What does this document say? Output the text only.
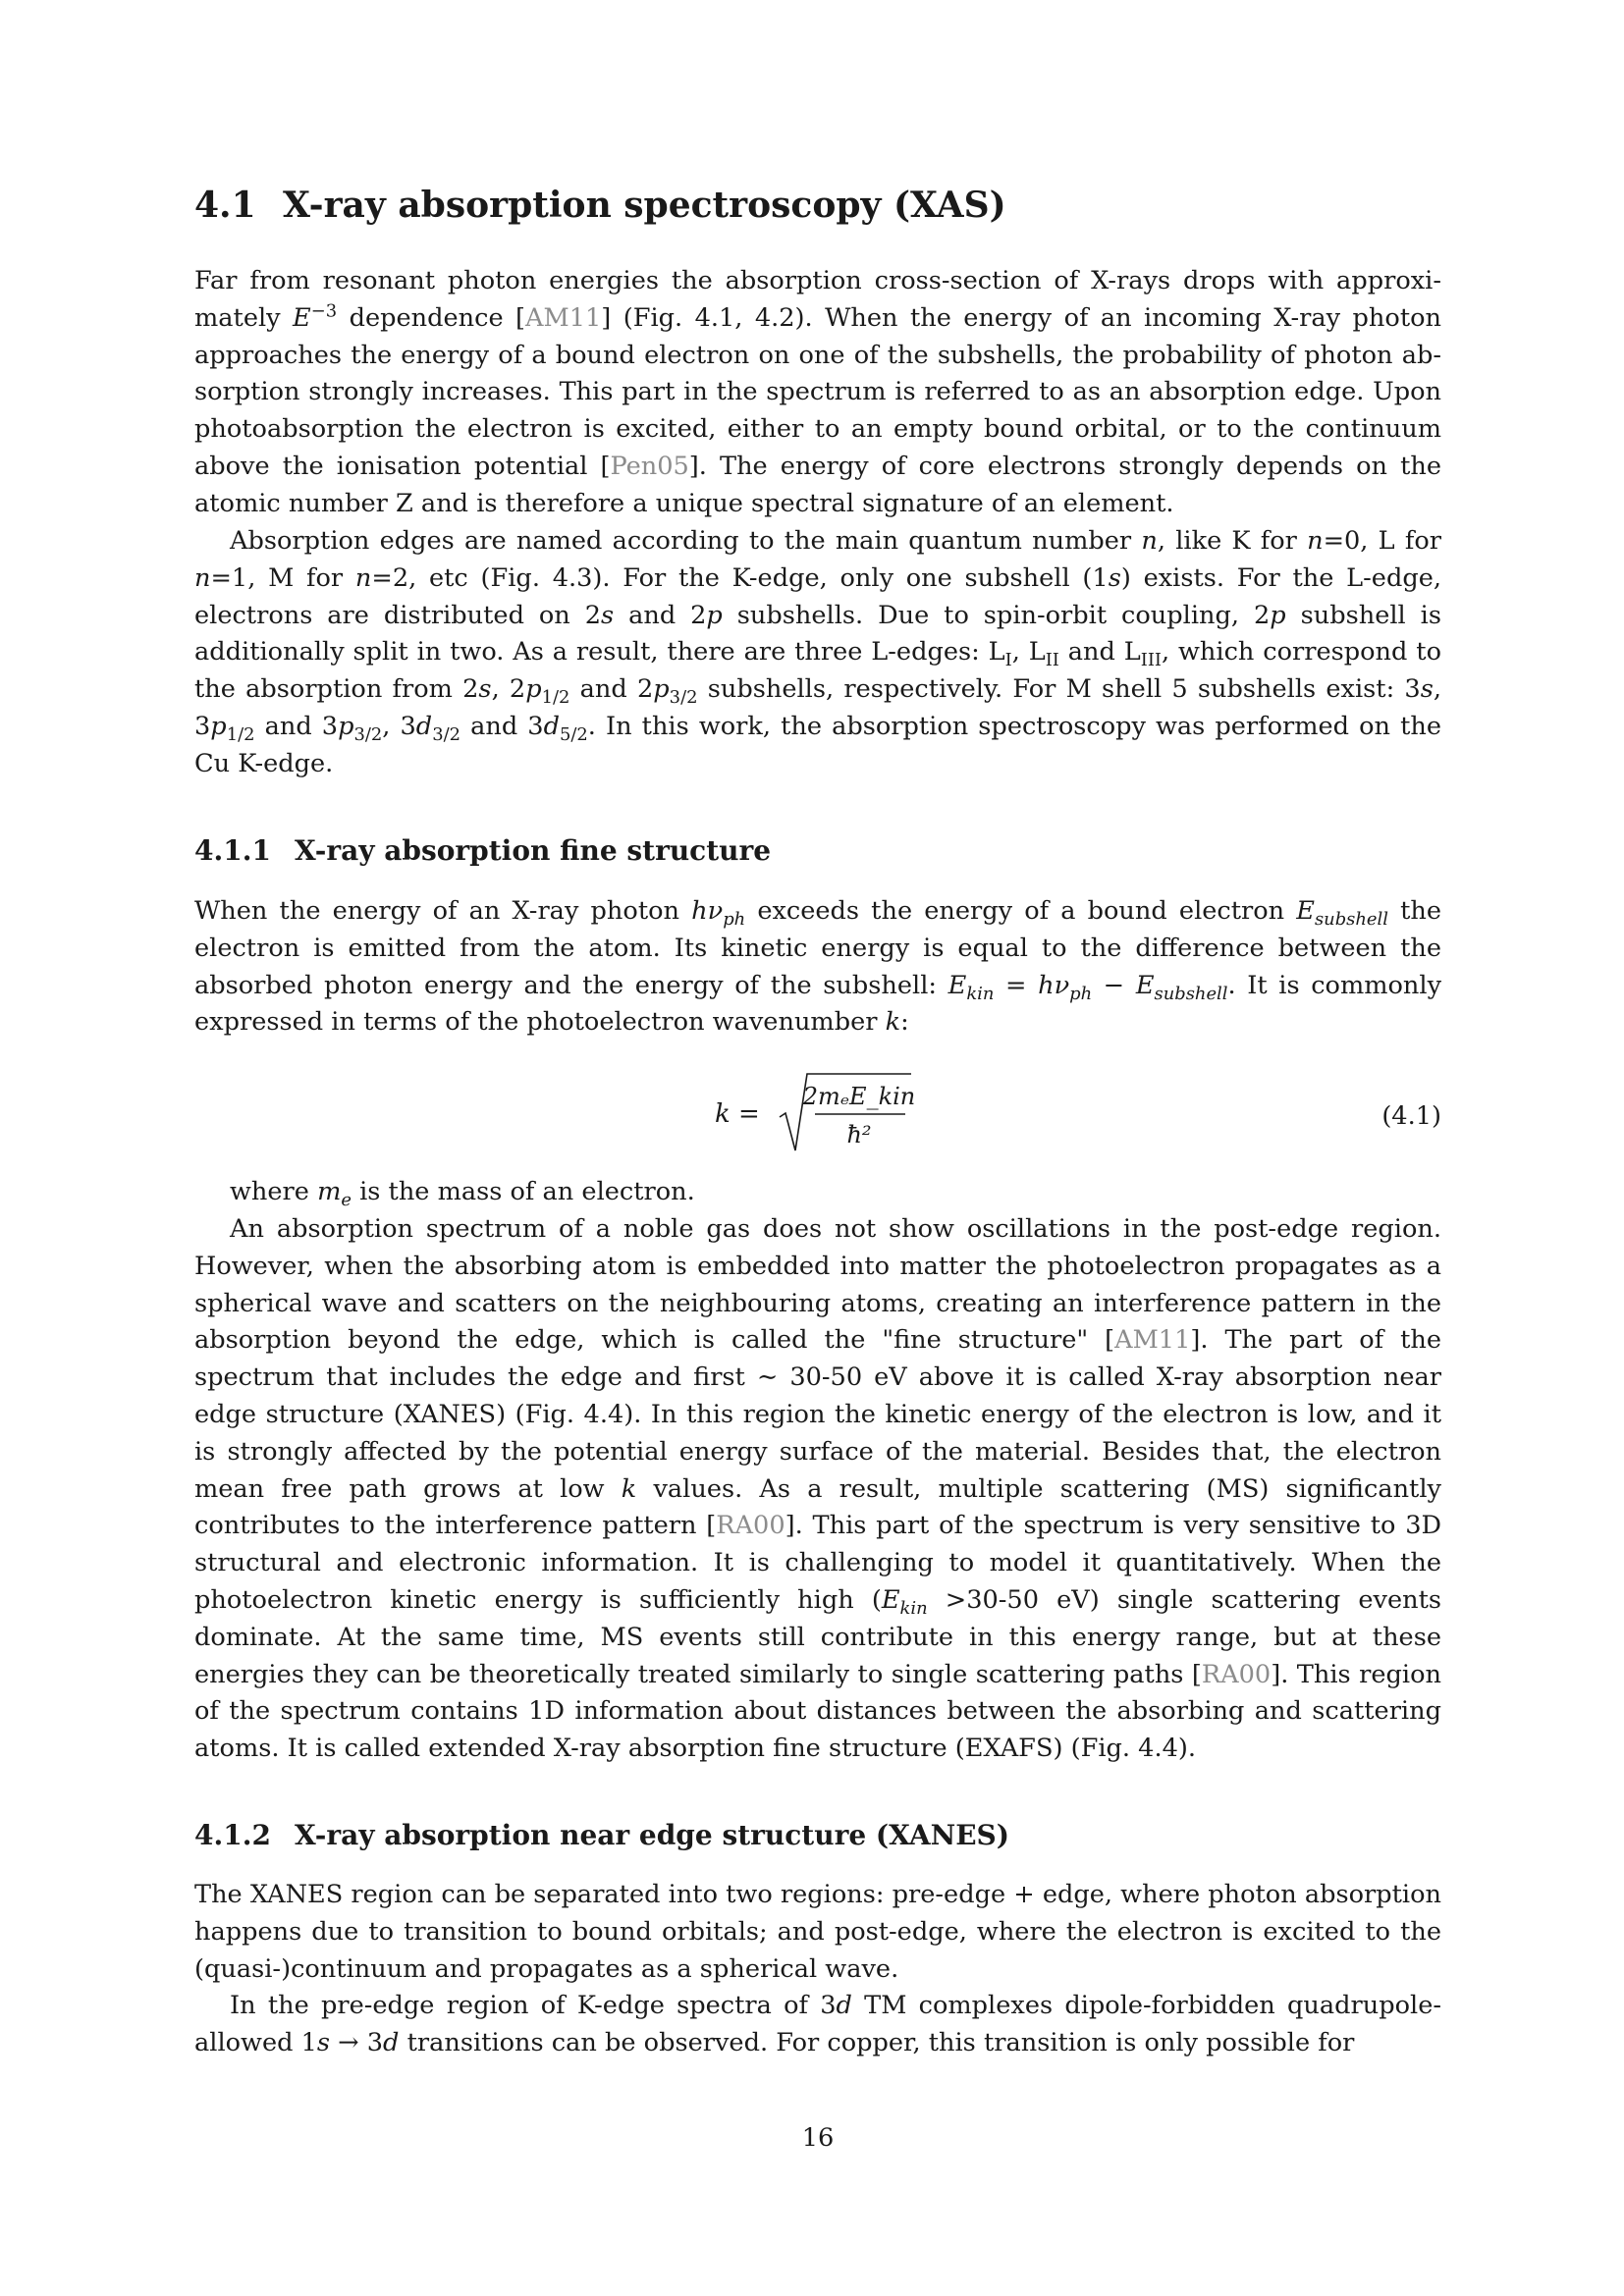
4.1 X-ray absorption spectroscopy (XAS)

Far from resonant photon energies the absorption cross-section of X-rays drops with approximately $E^{-3}$ dependence [AM11] (Fig. 4.1, 4.2). When the energy of an incoming X-ray photon approaches the energy of a bound electron on one of the subshells, the probability of photon absorption strongly increases. This part in the spectrum is referred to as an absorption edge. Upon photoabsorption the electron is excited, either to an empty bound orbital, or to the continuum above the ionisation potential [Pen05]. The energy of core electrons strongly depends on the atomic number Z and is therefore a unique spectral signature of an element.

Absorption edges are named according to the main quantum number n, like K for n=0, L for n=1, M for n=2, etc (Fig. 4.3). For the K-edge, only one subshell (1s) exists. For the L-edge, electrons are distributed on 2s and 2p subshells. Due to spin-orbit coupling, 2p subshell is additionally split in two. As a result, there are three L-edges: $L_I$, $L_{II}$ and $L_{III}$, which correspond to the absorption from 2s, $2p_{1/2}$ and $2p_{3/2}$ subshells, respectively. For M shell 5 subshells exist: 3s, $3p_{1/2}$ and $3p_{3/2}$, $3d_{3/2}$ and $3d_{5/2}$. In this work, the absorption spectroscopy was performed on the Cu K-edge.

4.1.1 X-ray absorption fine structure

When the energy of an X-ray photon $h\nu_{ph}$ exceeds the energy of a bound electron $E_{subshell}$ the electron is emitted from the atom. Its kinetic energy is equal to the difference between the absorbed photon energy and the energy of the subshell: $E_{kin} = h\nu_{ph} - E_{subshell}$. It is commonly expressed in terms of the photoelectron wavenumber k:

k =
2mₑE_kin
ħ²
(4.1)

where $m_e$ is the mass of an electron.

An absorption spectrum of a noble gas does not show oscillations in the post-edge region. However, when the absorbing atom is embedded into matter the photoelectron propagates as a spherical wave and scatters on the neighbouring atoms, creating an interference pattern in the absorption beyond the edge, which is called the "fine structure" [AM11]. The part of the spectrum that includes the edge and first ∼ 30-50 eV above it is called X-ray absorption near edge structure (XANES) (Fig. 4.4). In this region the kinetic energy of the electron is low, and it is strongly affected by the potential energy surface of the material. Besides that, the electron mean free path grows at low k values. As a result, multiple scattering (MS) significantly contributes to the interference pattern [RA00]. This part of the spectrum is very sensitive to 3D structural and electronic information. It is challenging to model it quantitatively. When the photoelectron kinetic energy is sufficiently high ($E_{kin} >30-50$ eV) single scattering events dominate. At the same time, MS events still contribute in this energy range, but at these energies they can be theoretically treated similarly to single scattering paths [RA00]. This region of the spectrum contains 1D information about distances between the absorbing and scattering atoms. It is called extended X-ray absorption fine structure (EXAFS) (Fig. 4.4).

4.1.2 X-ray absorption near edge structure (XANES)

The XANES region can be separated into two regions: pre-edge + edge, where photon absorption happens due to transition to bound orbitals; and post-edge, where the electron is excited to the (quasi-)continuum and propagates as a spherical wave.

In the pre-edge region of K-edge spectra of 3d TM complexes dipole-forbidden quadrupole-allowed 1s → 3d transitions can be observed. For copper, this transition is only possible for

16
